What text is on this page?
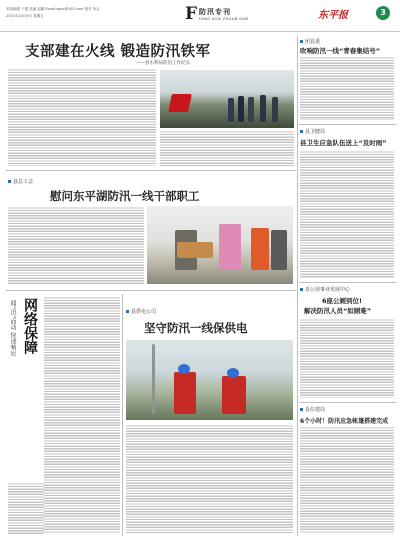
本版编辑 于蕾 美编 赵鹏 Email:dpzx@163.com 校对 李会
2021年10月8日 星期五	F 防汛专刊
FANG XUN ZHUAN KAN	东平报	3
支部建在火线 锻造防汛铁军
——县水利局防汛工作纪实
团县委
吹响防汛一线“青春集结号”
县卫健局
县卫生应急队伍送上“及时雨”
县总工会
慰问东平湖防汛一线干部职工
县公用事业发展中心
6座公厕到位!
解决防汛人员“如厕难”
闻“汛”而动 快速响应 网络保障
县供电公司
坚守防汛一线保供电
县住建局
6个小时！防汛应急帐篷搭建完成
